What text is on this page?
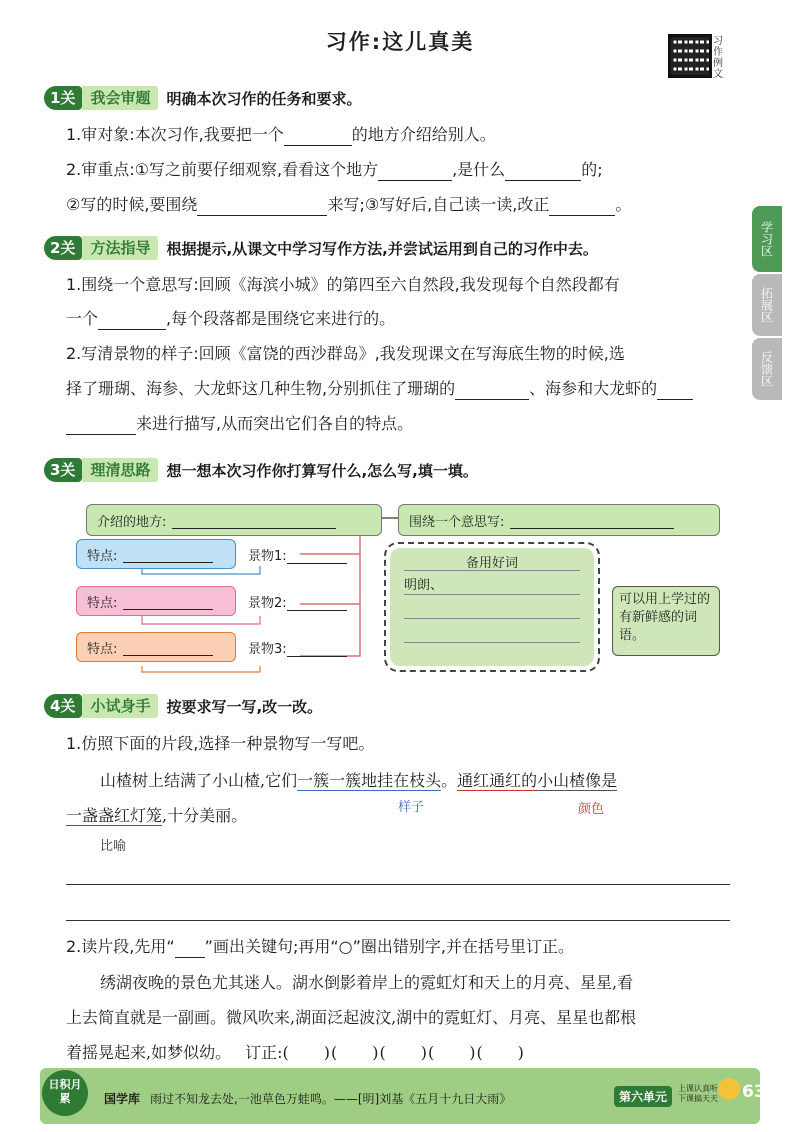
习作:这儿真美	习作例文
学习区
拓展区
反馈区
1关	我会审题	明确本次习作的任务和要求。
1.审对象:本次习作,我要把一个	的地方介绍给别人。
2.审重点:①写之前要仔细观察,看看这个地方	,是什么	的;
②写的时候,要围绕	来写;③写好后,自己读一读,改正	。
2关	方法指导	根据提示,从课文中学习写作方法,并尝试运用到自己的习作中去。
1.围绕一个意思写:回顾《海滨小城》的第四至六自然段,我发现每个自然段都有
一个	,每个段落都是围绕它来进行的。
2.写清景物的样子:回顾《富饶的西沙群岛》,我发现课文在写海底生物的时候,选
择了珊瑚、海参、大龙虾这几种生物,分别抓住了珊瑚的	、海参和大龙虾的
来进行描写,从而突出它们各自的特点。
3关	理清思路	想一想本次习作你打算写什么,怎么写,填一填。
介绍的地方:	围绕一个意思写:
特点:
特点:
特点:
景物1:
景物2:
景物3:
备用好词
明朗、
可以用上学过的有新鲜感的词语。
4关	小试身手	按要求写一写,改一改。
1.仿照下面的片段,选择一种景物写一写吧。
山楂树上结满了小山楂,它们一簇一簇地挂在枝头。通红通红的小山楂像是
样子	颜色
一盏盏红灯笼,十分美丽。
比喻
2.读片段,先用“ ”画出关键句;再用“○”圈出错别字,并在括号里订正。
绣湖夜晚的景色尤其迷人。湖水倒影着岸上的霓虹灯和天上的月亮、星星,看
上去简直就是一副画。微风吹来,湖面泛起波汶,湖中的霓虹灯、月亮、星星也都根
着摇晃起来,如梦似幼。 订正:(  )(  )(  )(  )(  )
日积月累	国学库 雨过不知龙去处,一池草色万蛙鸣。——[明]刘基《五月十九日大雨》	第六单元
上课认真听
下课搞天天 63
